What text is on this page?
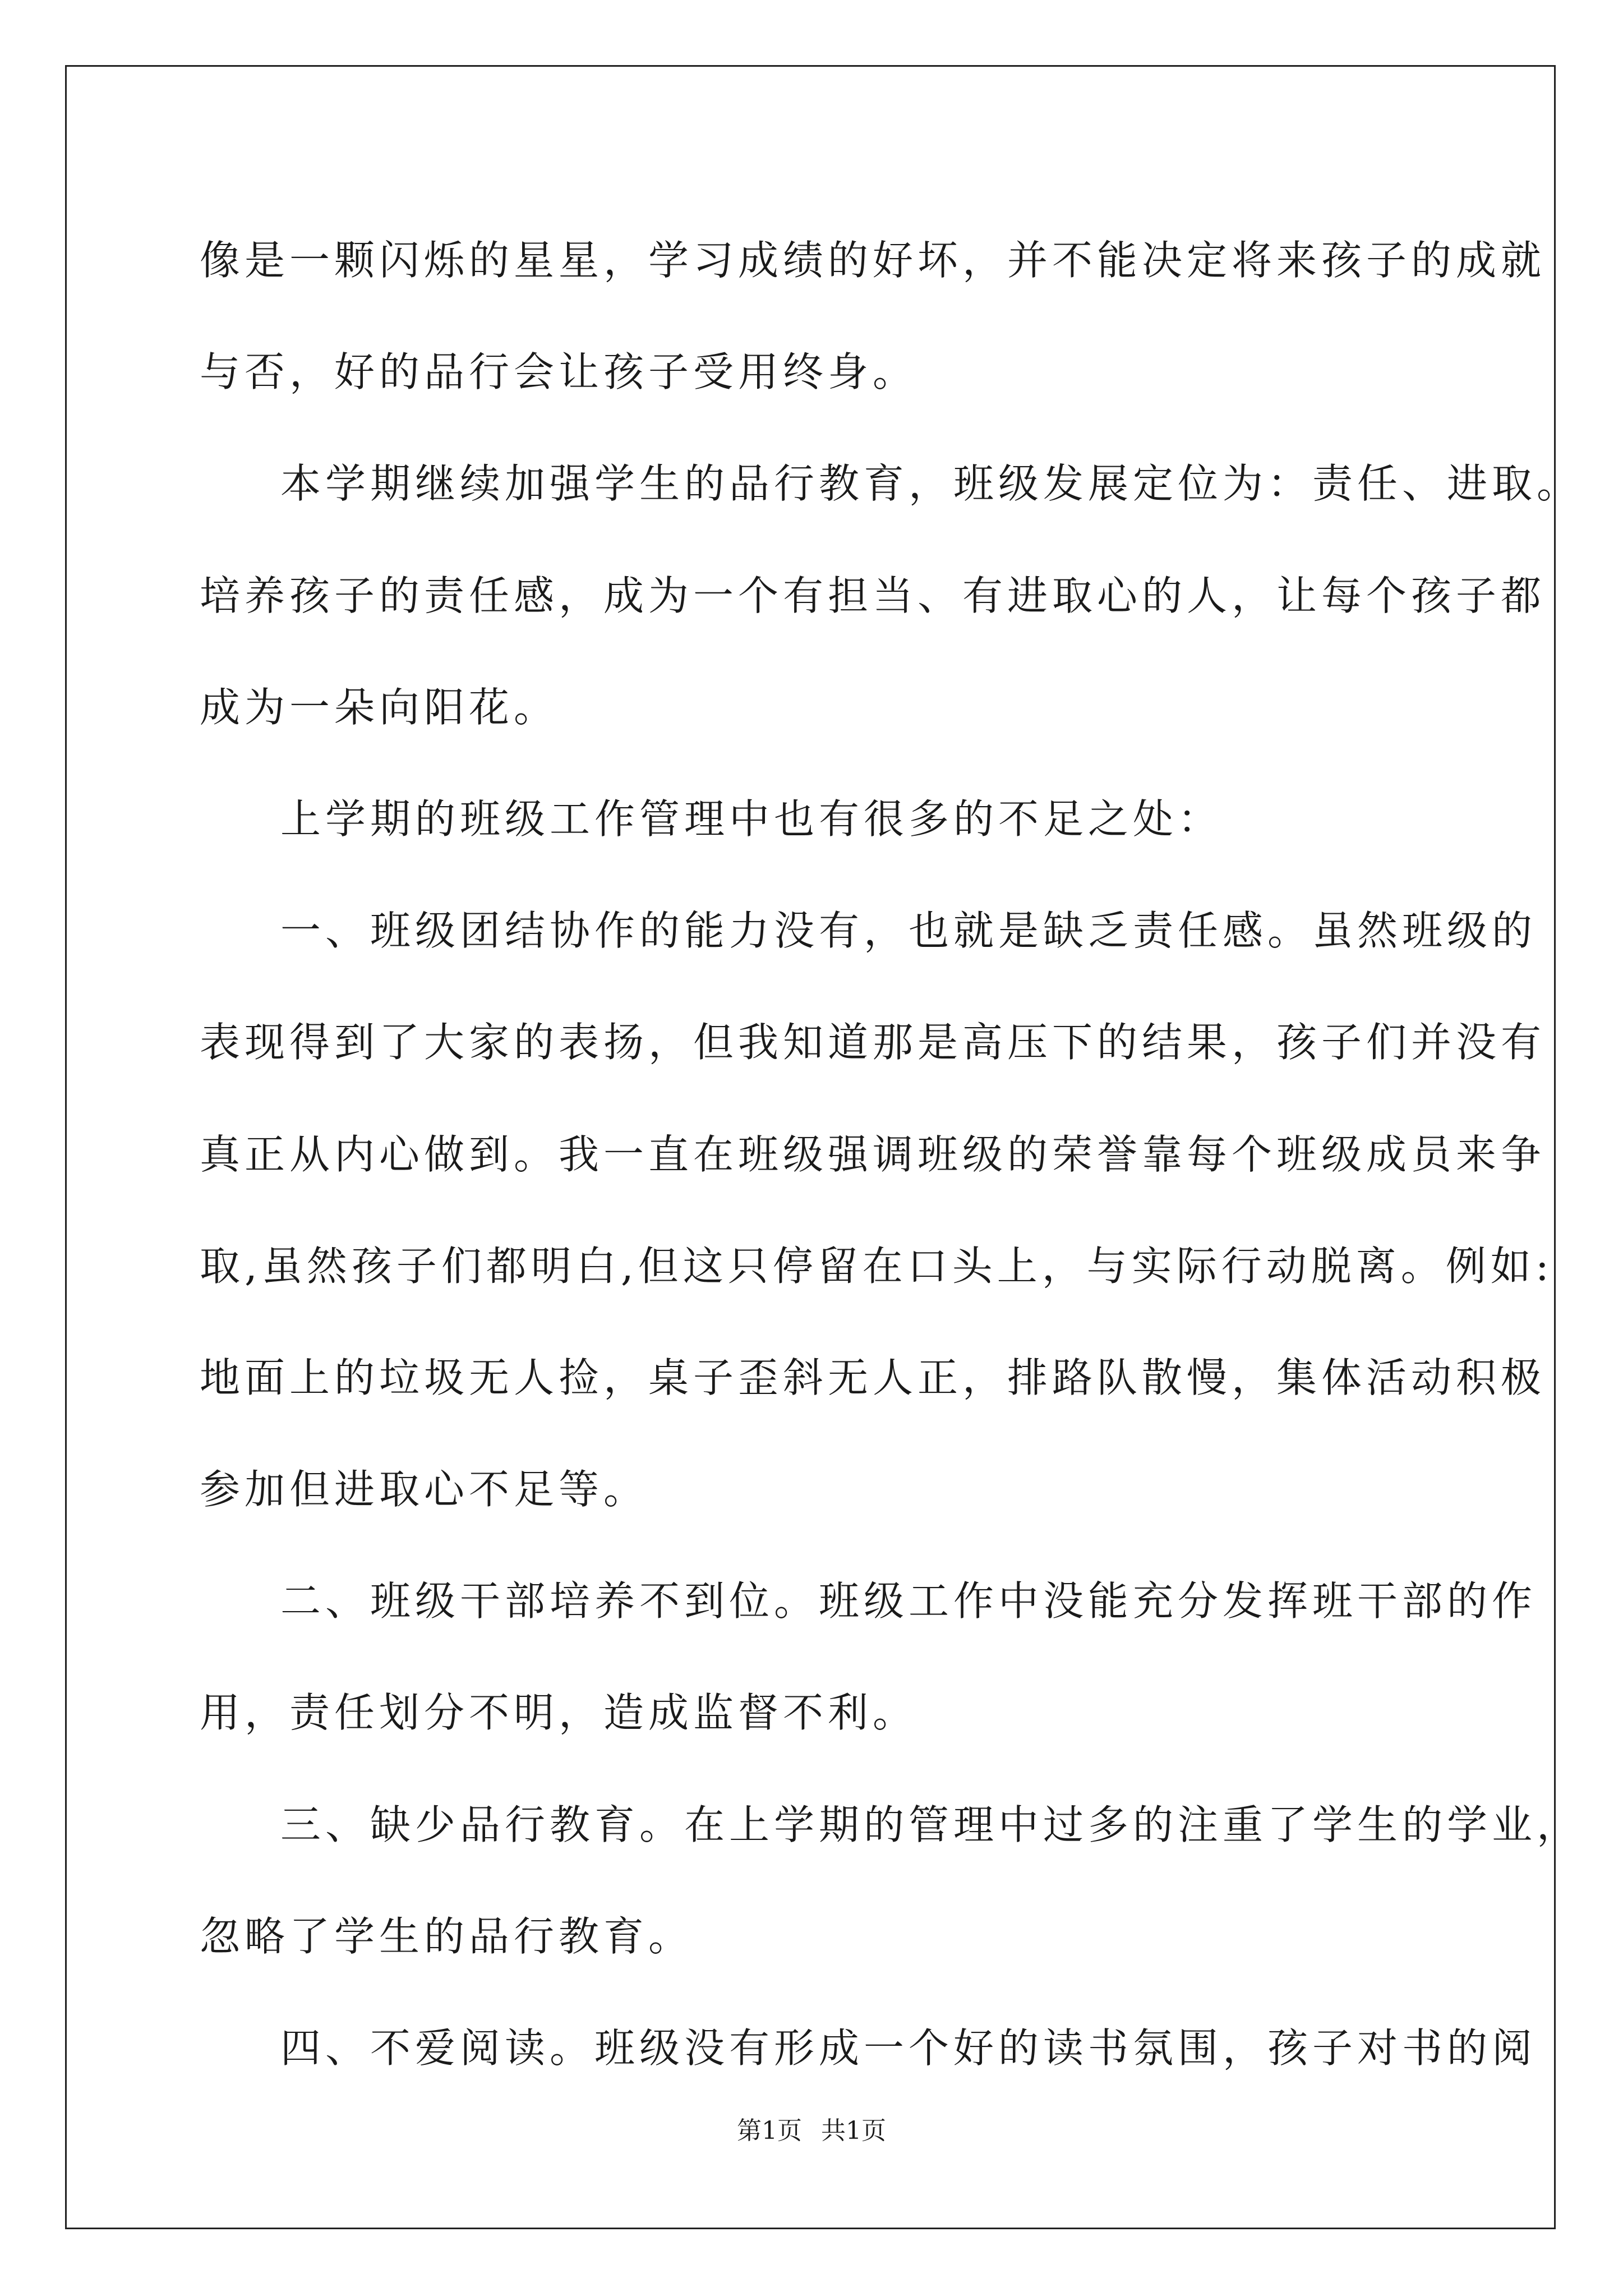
像是一颗闪烁的星星，学习成绩的好坏，并不能决定将来孩子的成就
与否，好的品行会让孩子受用终身。
本学期继续加强学生的品行教育，班级发展定位为：责任、进取。
培养孩子的责任感，成为一个有担当、有进取心的人，让每个孩子都
成为一朵向阳花。
上学期的班级工作管理中也有很多的不足之处：
一、班级团结协作的能力没有，也就是缺乏责任感。虽然班级的
表现得到了大家的表扬，但我知道那是高压下的结果，孩子们并没有
真正从内心做到。我一直在班级强调班级的荣誉靠每个班级成员来争
取,虽然孩子们都明白,但这只停留在口头上，与实际行动脱离。例如:
地面上的垃圾无人捡，桌子歪斜无人正，排路队散慢，集体活动积极
参加但进取心不足等。
二、班级干部培养不到位。班级工作中没能充分发挥班干部的作
用，责任划分不明，造成监督不利。
三、缺少品行教育。在上学期的管理中过多的注重了学生的学业，
忽略了学生的品行教育。
四、不爱阅读。班级没有形成一个好的读书氛围，孩子对书的阅
第1页 共1页
